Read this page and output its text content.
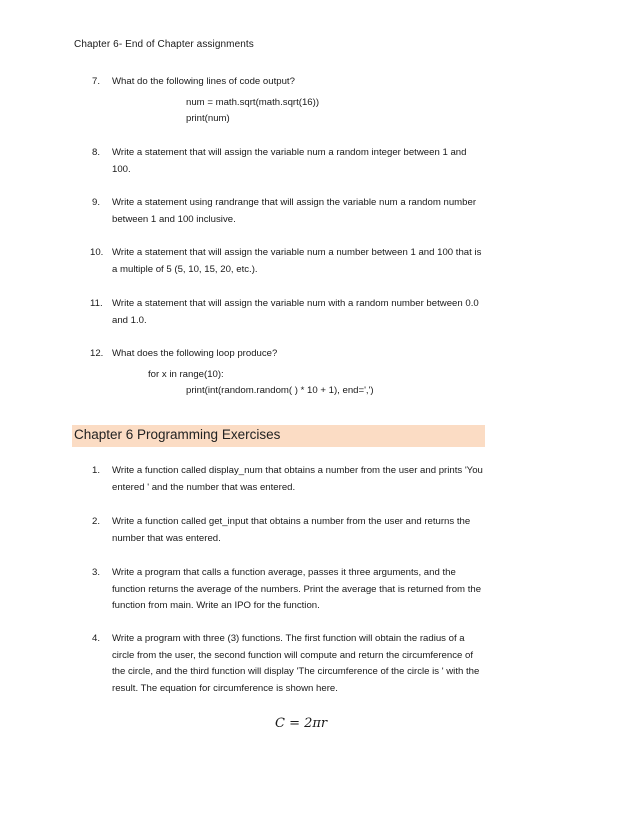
Chapter 6- End of Chapter assignments
7.	What do the following lines of code output?
num = math.sqrt(math.sqrt(16))
print(num)
8.	Write a statement that will assign the variable num a random integer between 1 and 100.
9.	Write a statement using randrange that will assign the variable num a random number between 1 and 100 inclusive.
10. Write a statement that will assign the variable num a number between 1 and 100 that is a multiple of 5 (5, 10, 15, 20, etc.).
11. Write a statement that will assign the variable num with a random number between 0.0 and 1.0.
12. What does the following loop produce?
for x in range(10):
print(int(random.random( ) * 10 + 1), end=',')
Chapter 6 Programming Exercises
1.	Write a function called display_num that obtains a number from the user and prints 'You entered ' and the number that was entered.
2.	Write a function called get_input that obtains a number from the user and returns the number that was entered.
3.	Write a program that calls a function average, passes it three arguments, and the function returns the average of the numbers. Print the average that is returned from the function from main. Write an IPO for the function.
4.	Write a program with three (3) functions. The first function will obtain the radius of a circle from the user, the second function will compute and return the circumference of the circle, and the third function will display 'The circumference of the circle is ' with the result. The equation for circumference is shown here.
C = 2πr
